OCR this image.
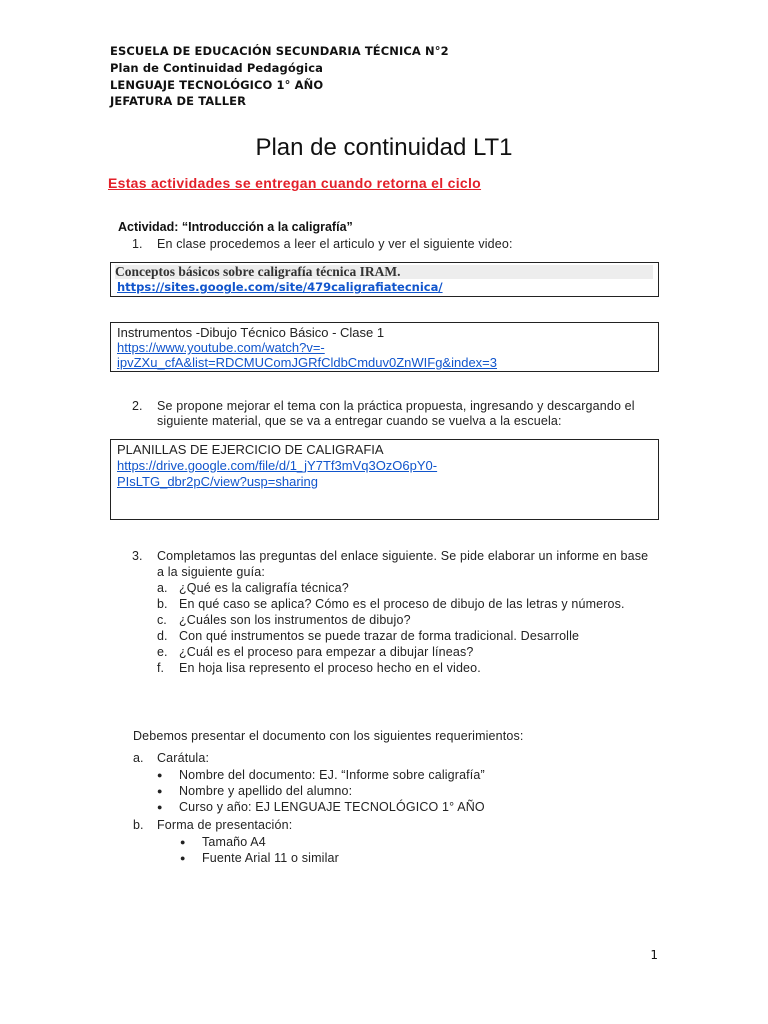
ESCUELA DE EDUCACIÓN SECUNDARIA TÉCNICA N°2
Plan de Continuidad Pedagógica
LENGUAJE TECNOLÓGICO 1° AÑO
JEFATURA DE TALLER
Plan de continuidad LT1
Estas actividades se entregan cuando retorna el ciclo
Actividad: “Introducción a la caligrafía”
1. En clase procedemos a leer el articulo y ver el siguiente video:
Conceptos básicos sobre caligrafía técnica IRAM.
https://sites.google.com/site/479caligrafiatecnica/
Instrumentos -Dibujo Técnico Básico - Clase 1
https://www.youtube.com/watch?v=-
ipvZXu_cfA&list=RDCMUComJGRfCldbCmduv0ZnWIFg&index=3
2. Se propone mejorar el tema con la práctica propuesta, ingresando y descargando el
siguiente material, que se va a entregar cuando se vuelva a la escuela:
PLANILLAS DE EJERCICIO DE CALIGRAFIA
https://drive.google.com/file/d/1_jY7Tf3mVq3OzO6pY0-
PIsLTG_dbr2pC/view?usp=sharing
3. Completamos las preguntas del enlace siguiente. Se pide elaborar un informe en base
a la siguiente guía:
a. ¿Qué es la caligrafía técnica?
b. En qué caso se aplica? Cómo es el proceso de dibujo de las letras y números.
c. ¿Cuáles son los instrumentos de dibujo?
d. Con qué instrumentos se puede trazar de forma tradicional. Desarrolle
e. ¿Cuál es el proceso para empezar a dibujar líneas?
f. En hoja lisa represento el proceso hecho en el video.
Debemos presentar el documento con los siguientes requerimientos:
a. Carátula:
● Nombre del documento: EJ. “Informe sobre caligrafía”
● Nombre y apellido del alumno:
● Curso y año: EJ LENGUAJE TECNOLÓGICO 1° AÑO
b. Forma de presentación:
● Tamaño A4
● Fuente Arial 11 o similar
1
